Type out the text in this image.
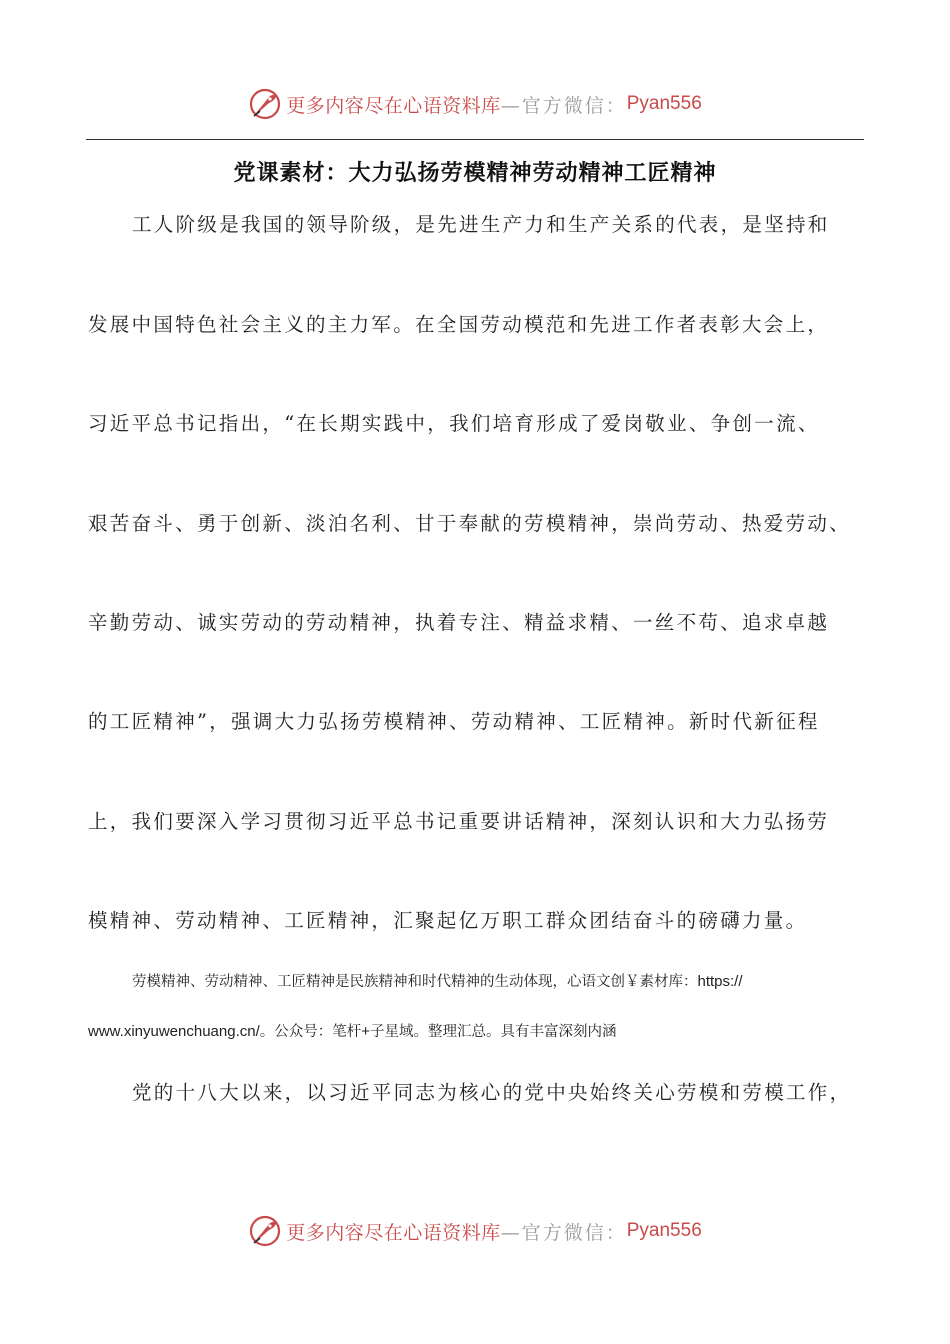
更多内容尽在心语资料库 —官方微信： Pyan556
党课素材：大力弘扬劳模精神劳动精神工匠精神
工人阶级是我国的领导阶级，是先进生产力和生产关系的代表，是坚持和
发展中国特色社会主义的主力军。在全国劳动模范和先进工作者表彰大会上，
习近平总书记指出，“在长期实践中，我们培育形成了爱岗敬业、争创一流、
艰苦奋斗、勇于创新、淡泊名利、甘于奉献的劳模精神，崇尚劳动、热爱劳动、
辛勤劳动、诚实劳动的劳动精神，执着专注、精益求精、一丝不苟、追求卓越
的工匠精神”，强调大力弘扬劳模精神、劳动精神、工匠精神。新时代新征程
上，我们要深入学习贯彻习近平总书记重要讲话精神，深刻认识和大力弘扬劳
模精神、劳动精神、工匠精神，汇聚起亿万职工群众团结奋斗的磅礴力量。
劳模精神、劳动精神、工匠精神是民族精神和时代精神的生动体现，心语文创￥素材库：https://
www.xinyuwenchuang.cn/。公众号：笔杆+子星域。整理汇总。具有丰富深刻内涵
党的十八大以来，以习近平同志为核心的党中央始终关心劳模和劳模工作，
更多内容尽在心语资料库 —官方微信： Pyan556
